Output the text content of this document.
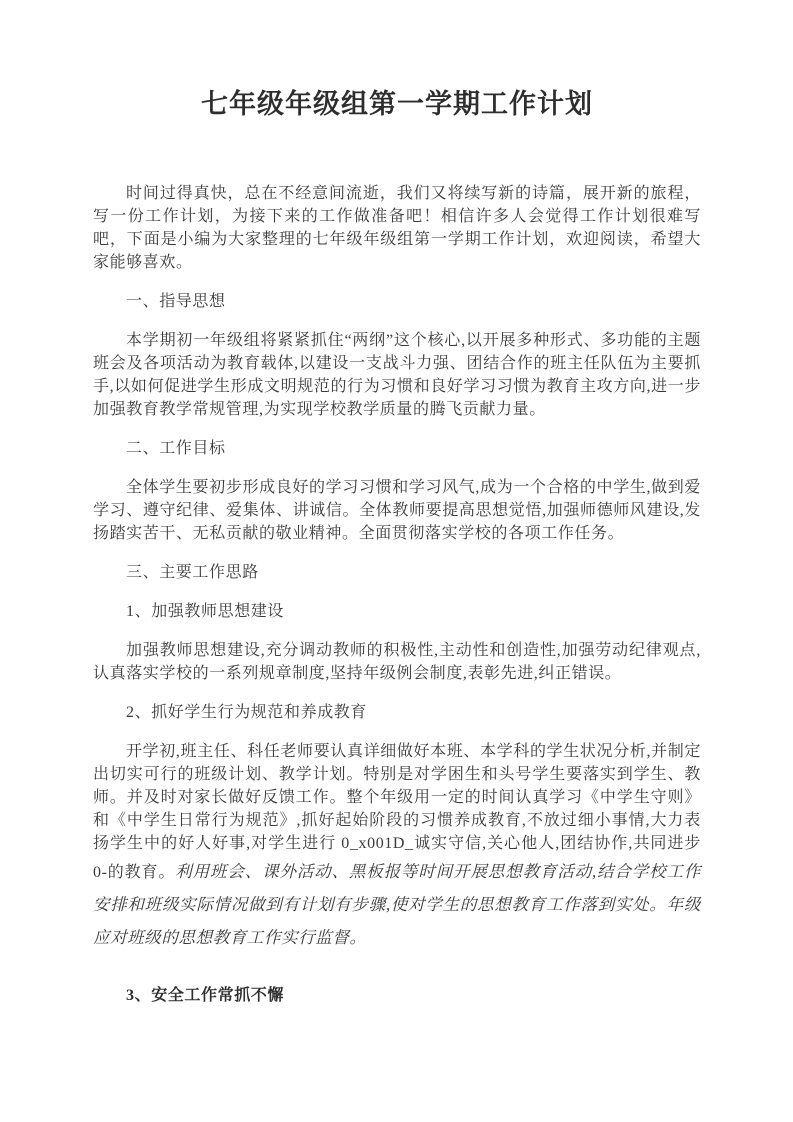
七年级年级组第一学期工作计划

时间过得真快，总在不经意间流逝，我们又将续写新的诗篇，展开新的旅程，写一份工作计划，为接下来的工作做准备吧！相信许多人会觉得工作计划很难写吧，下面是小编为大家整理的七年级年级组第一学期工作计划，欢迎阅读，希望大家能够喜欢。

一、指导思想

本学期初一年级组将紧紧抓住“两纲”这个核心,以开展多种形式、多功能的主题班会及各项活动为教育载体,以建设一支战斗力强、团结合作的班主任队伍为主要抓手,以如何促进学生形成文明规范的行为习惯和良好学习习惯为教育主攻方向,进一步加强教育教学常规管理,为实现学校教学质量的腾飞贡献力量。

二、工作目标

全体学生要初步形成良好的学习习惯和学习风气,成为一个合格的中学生,做到爱学习、遵守纪律、爱集体、讲诚信。全体教师要提高思想觉悟,加强师德师风建设,发扬踏实苦干、无私贡献的敬业精神。全面贯彻落实学校的各项工作任务。

三、主要工作思路

1、加强教师思想建设

加强教师思想建设,充分调动教师的积极性,主动性和创造性,加强劳动纪律观点,认真落实学校的一系列规章制度,坚持年级例会制度,表彰先进,纠正错误。

2、抓好学生行为规范和养成教育

开学初,班主任、科任老师要认真详细做好本班、本学科的学生状况分析,并制定出切实可行的班级计划、教学计划。特别是对学困生和头号学生要落实到学生、教师。并及时对家长做好反馈工作。整个年级用一定的时间认真学习《中学生守则》和《中学生日常行为规范》,抓好起始阶段的习惯养成教育,不放过细小事情,大力表扬学生中的好人好事,对学生进行 0_x001D_诚实守信,关心他人,团结协作,共同进步 0-的教育。利用班会、课外活动、黑板报等时间开展思想教育活动,结合学校工作安排和班级实际情况做到有计划有步骤,使对学生的思想教育工作落到实处。年级应对班级的思想教育工作实行监督。

3、安全工作常抓不懈
